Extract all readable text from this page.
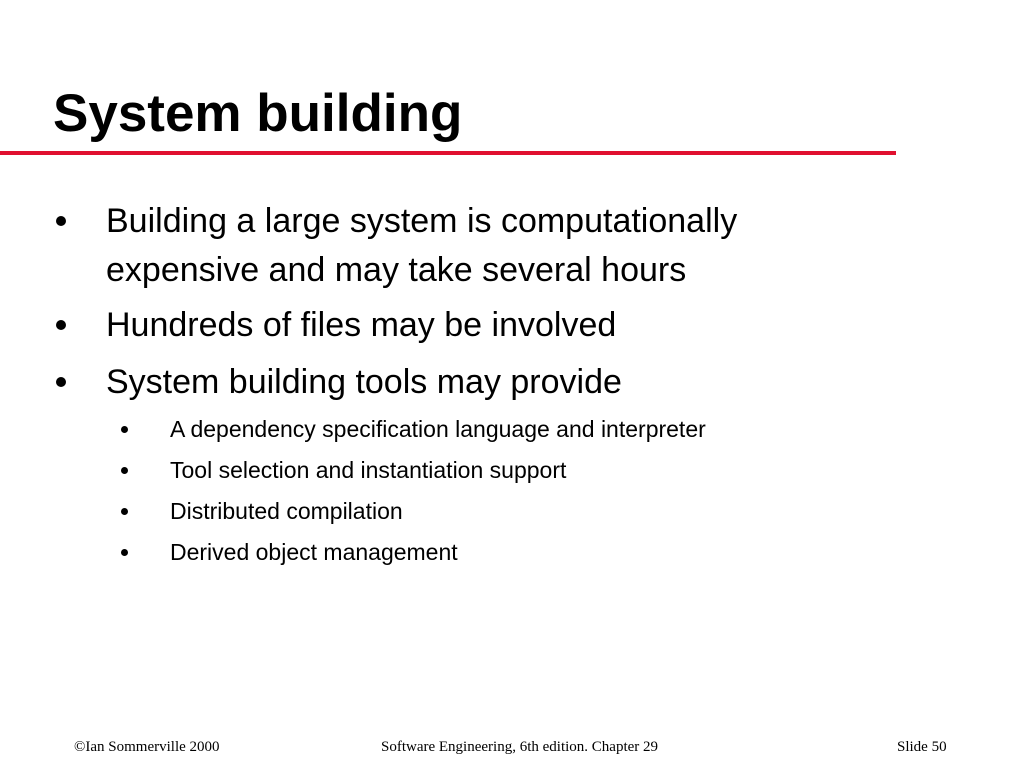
System building
Building a large system is computationally expensive and may take several hours
Hundreds of files may be involved
System building tools may provide
A dependency specification language and interpreter
Tool selection and instantiation support
Distributed compilation
Derived object management
©Ian Sommerville 2000	Software Engineering, 6th edition. Chapter 29	Slide 50
